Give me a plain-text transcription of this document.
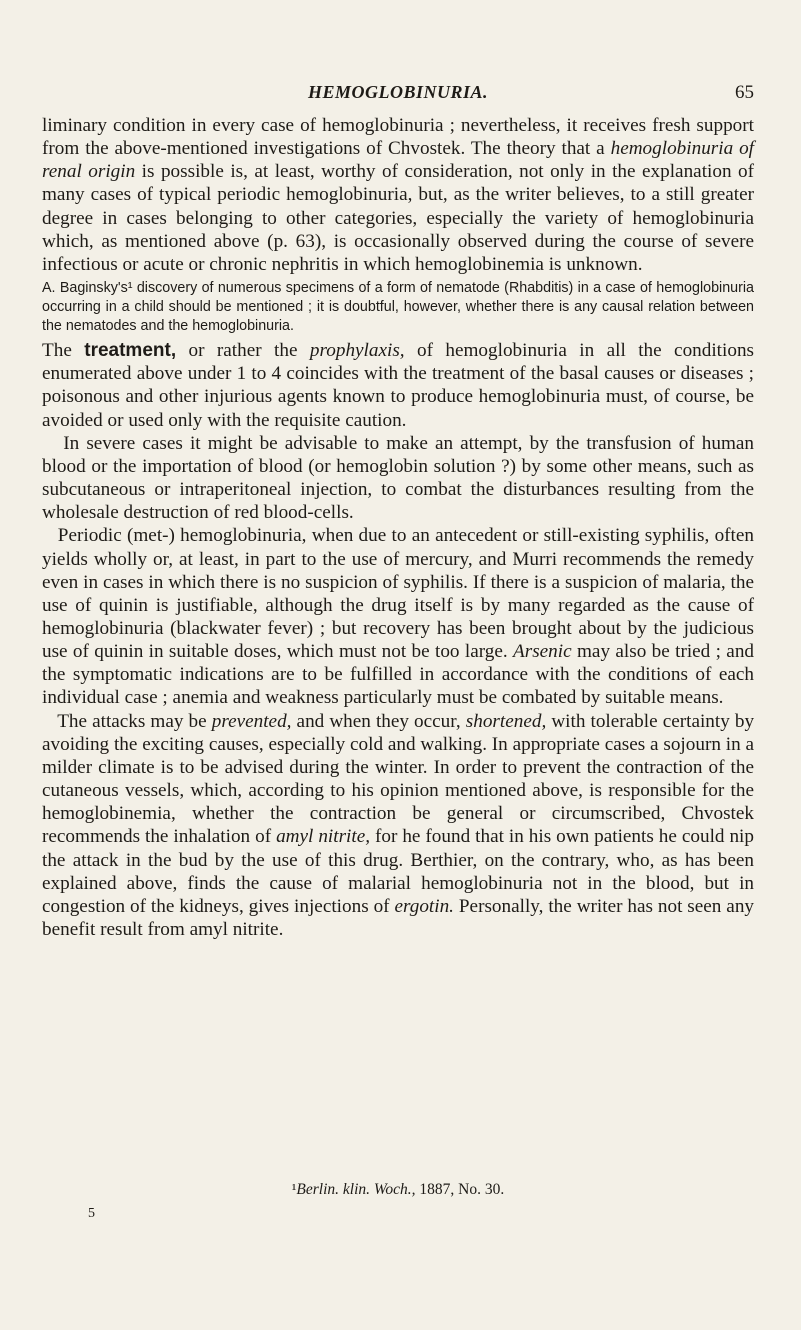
HEMOGLOBINURIA.	65

liminary condition in every case of hemoglobinuria ; nevertheless, it receives fresh support from the above-mentioned investigations of Chvostek. The theory that a hemoglobinuria of renal origin is possible is, at least, worthy of consideration, not only in the explanation of many cases of typical periodic hemoglobinuria, but, as the writer believes, to a still greater degree in cases belonging to other categories, especially the variety of hemoglobinuria which, as mentioned above (p. 63), is occasionally observed during the course of severe infectious or acute or chronic nephritis in which hemoglobinemia is unknown.

A. Baginsky's¹ discovery of numerous specimens of a form of nematode (Rhabditis) in a case of hemoglobinuria occurring in a child should be mentioned ; it is doubtful, however, whether there is any causal relation between the nematodes and the hemoglobinuria.

The treatment, or rather the prophylaxis, of hemoglobinuria in all the conditions enumerated above under 1 to 4 coincides with the treatment of the basal causes or diseases ; poisonous and other injurious agents known to produce hemoglobinuria must, of course, be avoided or used only with the requisite caution.

In severe cases it might be advisable to make an attempt, by the transfusion of human blood or the importation of blood (or hemoglobin solution ?) by some other means, such as subcutaneous or intraperitoneal injection, to combat the disturbances resulting from the wholesale destruction of red blood-cells.

Periodic (met-) hemoglobinuria, when due to an antecedent or still-existing syphilis, often yields wholly or, at least, in part to the use of mercury, and Murri recommends the remedy even in cases in which there is no suspicion of syphilis. If there is a suspicion of malaria, the use of quinin is justifiable, although the drug itself is by many regarded as the cause of hemoglobinuria (blackwater fever) ; but recovery has been brought about by the judicious use of quinin in suitable doses, which must not be too large. Arsenic may also be tried ; and the symptomatic indications are to be fulfilled in accordance with the conditions of each individual case ; anemia and weakness particularly must be combated by suitable means.

The attacks may be prevented, and when they occur, shortened, with tolerable certainty by avoiding the exciting causes, especially cold and walking. In appropriate cases a sojourn in a milder climate is to be advised during the winter. In order to prevent the contraction of the cutaneous vessels, which, according to his opinion mentioned above, is responsible for the hemoglobinemia, whether the contraction be general or circumscribed, Chvostek recommends the inhalation of amyl nitrite, for he found that in his own patients he could nip the attack in the bud by the use of this drug. Berthier, on the contrary, who, as has been explained above, finds the cause of malarial hemoglobinuria not in the blood, but in congestion of the kidneys, gives injections of ergotin. Personally, the writer has not seen any benefit result from amyl nitrite.

¹Berlin. klin. Woch., 1887, No. 30.
5
